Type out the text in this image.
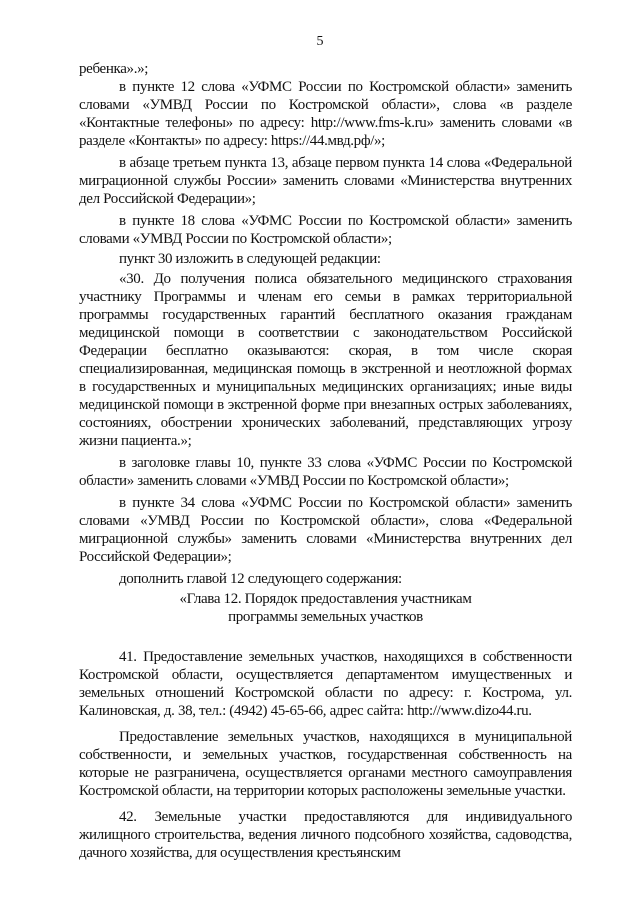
5

ребенка».»;

в пункте 12 слова «УФМС России по Костромской области» заменить словами «УМВД России по Костромской области», слова «в разделе «Контактные телефоны» по адресу: http://www.fms-k.ru» заменить словами «в разделе «Контакты» по адресу: https://44.мвд.рф/»;

в абзаце третьем пункта 13, абзаце первом пункта 14 слова «Федеральной миграционной службы России» заменить словами «Министерства внутренних дел Российской Федерации»;

в пункте 18 слова «УФМС России по Костромской области» заменить словами «УМВД России по Костромской области»;

пункт 30 изложить в следующей редакции:

«30. До получения полиса обязательного медицинского страхования участнику Программы и членам его семьи в рамках территориальной программы государственных гарантий бесплатного оказания гражданам медицинской помощи в соответствии с законодательством Российской Федерации бесплатно оказываются: скорая, в том числе скорая специализированная, медицинская помощь в экстренной и неотложной формах в государственных и муниципальных медицинских организациях; иные виды медицинской помощи в экстренной форме при внезапных острых заболеваниях, состояниях, обострении хронических заболеваний, представляющих угрозу жизни пациента.»;

в заголовке главы 10, пункте 33 слова «УФМС России по Костромской области» заменить словами «УМВД России по Костромской области»;

в пункте 34 слова «УФМС России по Костромской области» заменить словами «УМВД России по Костромской области», слова «Федеральной миграционной службы» заменить словами «Министерства внутренних дел Российской Федерации»;

дополнить главой 12 следующего содержания:

«Глава 12. Порядок предоставления участникам

программы земельных участков

41. Предоставление земельных участков, находящихся в собственности Костромской области, осуществляется департаментом имущественных и земельных отношений Костромской области по адресу: г. Кострома, ул. Калиновская, д. 38, тел.: (4942) 45-65-66, адрес сайта: http://www.dizo44.ru.

Предоставление земельных участков, находящихся в муниципальной собственности, и земельных участков, государственная собственность на которые не разграничена, осуществляется органами местного самоуправления Костромской области, на территории которых расположены земельные участки.

42. Земельные участки предоставляются для индивидуального жилищного строительства, ведения личного подсобного хозяйства, садоводства, дачного хозяйства, для осуществления крестьянским
